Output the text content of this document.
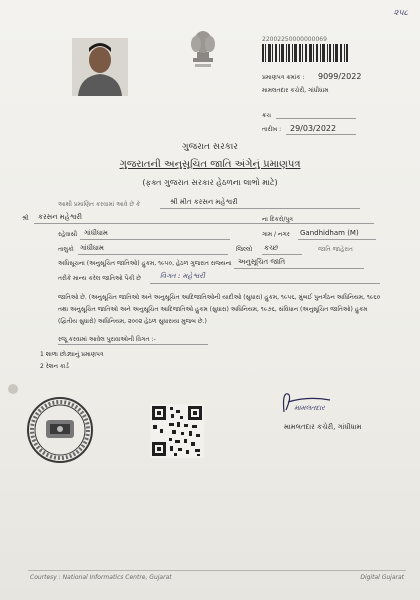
૨૫૮
22002250000000069
પ્રમાણપત્ર ક્રમાંક : 9099/2022
મામલતદાર કચેરી, ગાંધીધામ
ક્રચ
તારીખ : 29/03/2022
ગુજરાત સરકાર
ગુજરાતની અનુસૂચિત જાતિ અંગેનું પ્રમાણપત્ર
(ફક્ત ગુજરાત સરકાર હેઠળના લાભો માટે)
આથી પ્રમાણિત કરવામાં આવે છે કે	શ્રી મીત કરસન મહેશ્વરી
શ્રી કરસન મહેશ્વરી	ના દિકરો/પુત્ર
રહેવાસી ગાંધીધામ	ગામ / નગર Gandhidham (M)
તાલુકો ગાંધીધામ	જિલ્લો કચ્છ	જાતિ જાહેરાત
અધિસૂચના (અનુસૂચિત જાતિઓ) હુકમ, ૧૯૫૦, હેઠળ ગુજરાત રાજ્યના અનુસૂચિત જાતિ
તરીકે માન્ય કરેલ જાતિઓ પૈકી છે	વિગત : મહેશ્વરી
જાતિઓ છે. (અનુસૂચિત જાતિઓ અને અનુસૂચિત આદિજાતિઓની યાદીઓ (સુધારા) હુકમ, ૧૯૫૬, મુંબઈ પુનર્ગઠન અધિનિયમ, ૧૯૬૦ તથા અનુસૂચિત જાતિઓ અને અનુસૂચિત આદિજાતિઓ હુકમ (સુધારા) અધિનિયમ, ૧૯૭૬, સંવિધાન (અનુસૂચિત જાતિઓ) હુકમ (દ્વિતીય સુધારો) અધિનિયમ, ૨૦૦૨ હેઠળ સુધારાયા મુજબ છે.)
રજૂ કરવામાં આવેલ પુરાવાઓની વિગત :-
1 શાળા છોડ્યાનું પ્રમાણપત્ર
2 રેશન કાર્ડ
મામલતદાર
મામલતદાર કચેરી, ગાંધીધામ
Courtesy : National Informatics Centre, Gujarat	Digital Gujarat
